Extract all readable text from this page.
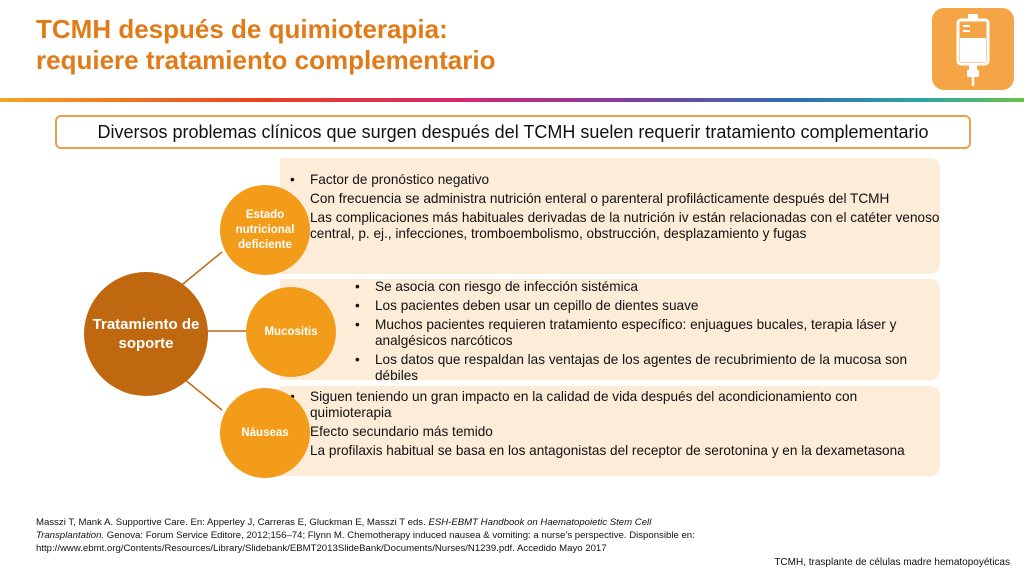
TCMH después de quimioterapia:
requiere tratamiento complementario
Diversos problemas clínicos que surgen después del TCMH suelen requerir tratamiento complementario
• Factor de pronóstico negativo
• Con frecuencia se administra nutrición enteral o parenteral profilácticamente después del TCMH
• Las complicaciones más habituales derivadas de la nutrición iv están relacionadas con el catéter venoso central, p. ej., infecciones, tromboembolismo, obstrucción, desplazamiento y fugas
• Se asocia con riesgo de infección sistémica
• Los pacientes deben usar un cepillo de dientes suave
• Muchos pacientes requieren tratamiento específico: enjuagues bucales, terapia láser y analgésicos narcóticos
• Los datos que respaldan las ventajas de los agentes de recubrimiento de la mucosa son débiles
• Siguen teniendo un gran impacto en la calidad de vida después del acondicionamiento con quimioterapia
• Efecto secundario más temido
• La profilaxis habitual se basa en los antagonistas del receptor de serotonina y en la dexametasona
Tratamiento de soporte
Estado nutricional deficiente
Mucositis
Náuseas
Masszi T, Mank A. Supportive Care. En: Apperley J, Carreras E, Gluckman E, Masszi T eds. ESH-EBMT Handbook on Haematopoietic Stem Cell Transplantation. Genova: Forum Service Editore, 2012;156–74; Flynn M. Chemotherapy induced nausea & vomiting: a nurse’s perspective. Disponsible en: http://www.ebmt.org/Contents/Resources/Library/Slidebank/EBMT2013SlideBank/Documents/Nurses/N1239.pdf. Accedido Mayo 2017
TCMH, trasplante de células madre hematopoyéticas
